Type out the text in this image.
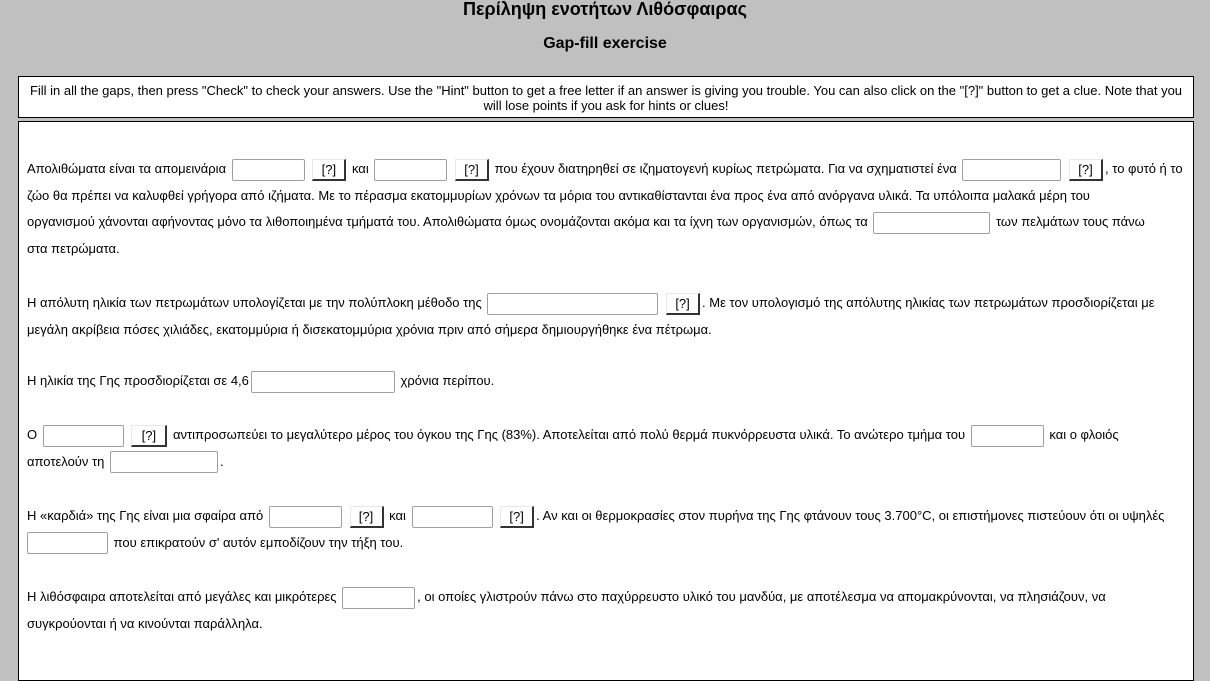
Περίληψη ενοτήτων Λιθόσφαιρας
Gap-fill exercise
Fill in all the gaps, then press "Check" to check your answers. Use the "Hint" button to get a free letter if an answer is giving you trouble. You can also click on the "[?]" button to get a clue. Note that you will lose points if you ask for hints or clues!
Απολιθώματα είναι τα απομεινάρια	[?] και	[?] που έχουν διατηρηθεί σε ιζηματογενή κυρίως πετρώματα. Για να σχηματιστεί ένα	[?] , το φυτό ή το
ζώο θα πρέπει να καλυφθεί γρήγορα από ιζήματα. Με το πέρασμα εκατομμυρίων χρόνων τα μόρια του αντικαθίστανται ένα προς ένα από ανόργανα υλικά. Τα υπόλοιπα μαλακά μέρη του
οργανισμού χάνονται αφήνοντας μόνο τα λιθοποιημένα τμήματά του. Απολιθώματα όμως ονομάζονται ακόμα και τα ίχνη των οργανισμών, όπως τα	των πελμάτων τους πάνω
στα πετρώματα.
Η απόλυτη ηλικία των πετρωμάτων υπολογίζεται με την πολύπλοκη μέθοδο της	[?] . Με τον υπολογισμό της απόλυτης ηλικίας των πετρωμάτων προσδιορίζεται με
μεγάλη ακρίβεια πόσες χιλιάδες, εκατομμύρια ή δισεκατομμύρια χρόνια πριν από σήμερα δημιουργήθηκε ένα πέτρωμα.
Η ηλικία της Γης προσδιορίζεται σε 4,6	χρόνια περίπου.
Ο	[?] αντιπροσωπεύει το μεγαλύτερο μέρος του όγκου της Γης (83%). Αποτελείται από πολύ θερμά πυκνόρρευστα υλικά. Το ανώτερο τμήμα του	και ο φλοιός
αποτελούν τη	.
Η «καρδιά» της Γης είναι μια σφαίρα από	[?] και	[?] . Αν και οι θερμοκρασίες στον πυρήνα της Γης φτάνουν τους 3.700°C, οι επιστήμονες πιστεύουν ότι οι υψηλές
που επικρατούν σ' αυτόν εμποδίζουν την τήξη του.
Η λιθόσφαιρα αποτελείται από μεγάλες και μικρότερες	, οι οποίες γλιστρούν πάνω στο παχύρρευστο υλικό του μανδύα, με αποτέλεσμα να απομακρύνονται, να πλησιάζουν, να
συγκρούονται ή να κινούνται παράλληλα.
